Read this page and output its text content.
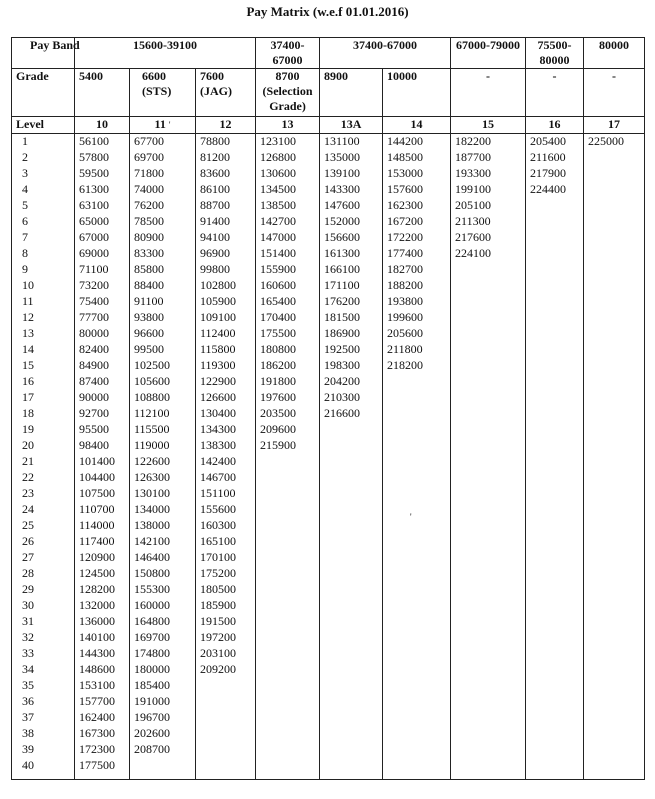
Pay Matrix (w.e.f 01.01.2016)
Pay Band	15600-39100			37400-67000	37400-67000		67000-79000	75500-80000	80000
Grade	5400	6600 (STS)	7600 (JAG)	8700 (Selection Grade)	8900	10000	-	-	-
Level	10	11 '	12	13	13A	14	15	16	17
1	56100	67700	78800	123100	131100	144200	182200	205400	225000
2	57800	69700	81200	126800	135000	148500	187700	211600	
3	59500	71800	83600	130600	139100	153000	193300	217900	
4	61300	74000	86100	134500	143300	157600	199100	224400	
5	63100	76200	88700	138500	147600	162300	205100		
6	65000	78500	91400	142700	152000	167200	211300		
7	67000	80900	94100	147000	156600	172200	217600		
8	69000	83300	96900	151400	161300	177400	224100		
9	71100	85800	99800	155900	166100	182700			
10	73200	88400	102800	160600	171100	188200			
11	75400	91100	105900	165400	176200	193800			
12	77700	93800	109100	170400	181500	199600			
13	80000	96600	112400	175500	186900	205600			
14	82400	99500	115800	180800	192500	211800			
15	84900	102500	119300	186200	198300	218200			
16	87400	105600	122900	191800	204200				
17	90000	108800	126600	197600	210300				
18	92700	112100	130400	203500	216600				
19	95500	115500	134300	209600					
20	98400	119000	138300	215900					
21	101400	122600	142400						
22	104400	126300	146700						
23	107500	130100	151100						
24	110700	134000	155600						
25	114000	138000	160300						
26	117400	142100	165100						
27	120900	146400	170100						
28	124500	150800	175200						
29	128200	155300	180500						
30	132000	160000	185900						
31	136000	164800	191500						
32	140100	169700	197200						
33	144300	174800	203100						
34	148600	180000	209200						
35	153100	185400							
36	157700	191000							
37	162400	196700							
38	167300	202600							
39	172300	208700							
40	177500								
'
